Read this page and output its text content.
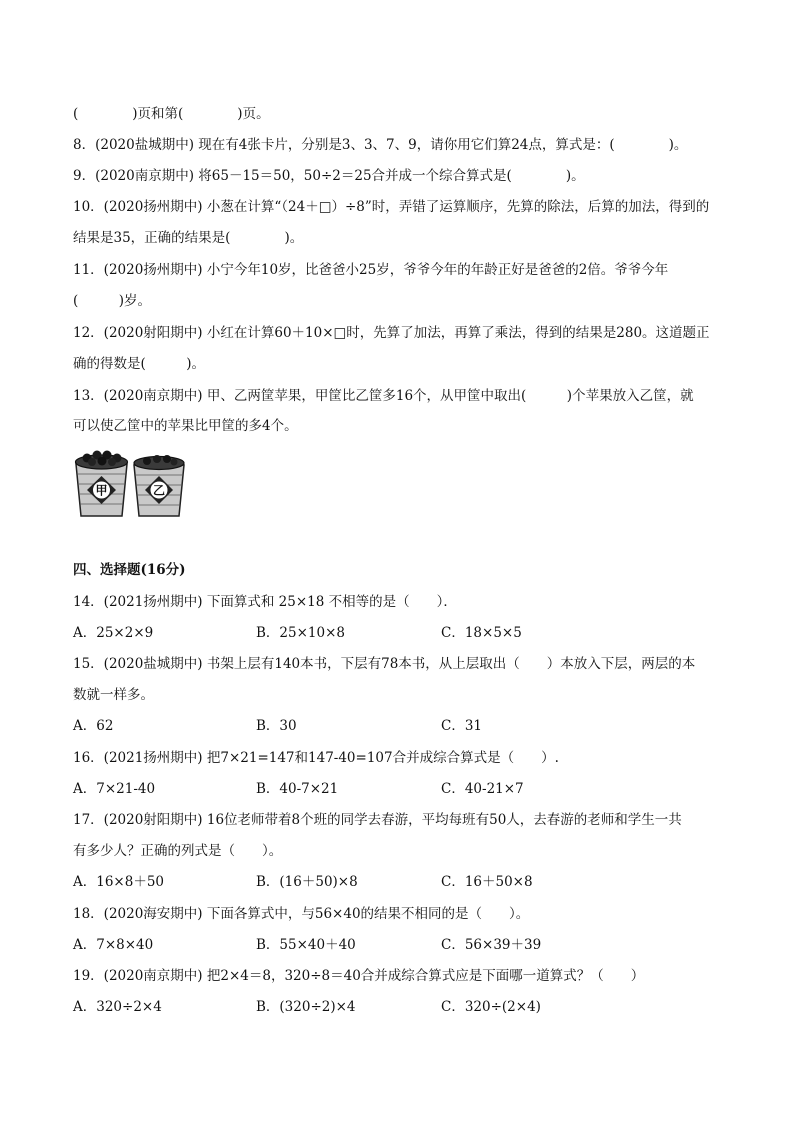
(　　　　)页和第(　　　　)页。
8．(2020盐城期中) 现在有4张卡片，分别是3、3、7、9，请你用它们算24点，算式是：(　　　　)。
9．(2020南京期中) 将65－15＝50，50÷2＝25合并成一个综合算式是(　　　　)。
10．(2020扬州期中) 小葱在计算“（24＋□）÷8”时，弄错了运算顺序，先算的除法，后算的加法，得到的
结果是35，正确的结果是(　　　　)。
11．(2020扬州期中) 小宁今年10岁，比爸爸小25岁，爷爷今年的年龄正好是爸爸的2倍。爷爷今年
(　　　)岁。
12．(2020射阳期中) 小红在计算60＋10×□时，先算了加法，再算了乘法，得到的结果是280。这道题正
确的得数是(　　　)。
13．(2020南京期中) 甲、乙两筐苹果，甲筐比乙筐多16个，从甲筐中取出(　　　)个苹果放入乙筐，就
可以使乙筐中的苹果比甲筐的多4个。
甲	乙
四、选择题(16分)
14．(2021扬州期中) 下面算式和 25×18 不相等的是（　　）．
A．25×2×9	B．25×10×8	C．18×5×5
15．(2020盐城期中) 书架上层有140本书，下层有78本书，从上层取出（　　）本放入下层，两层的本
数就一样多。
A．62	B．30	C．31
16．(2021扬州期中) 把7×21=147和147-40=107合并成综合算式是（　　）.
A．7×21-40	B．40-7×21	C．40-21×7
17．(2020射阳期中) 16位老师带着8个班的同学去春游，平均每班有50人，去春游的老师和学生一共
有多少人？正确的列式是（　　）。
A．16×8＋50	B．(16＋50)×8	C．16＋50×8
18．(2020海安期中) 下面各算式中，与56×40的结果不相同的是（　　）。
A．7×8×40	B．55×40＋40	C．56×39＋39
19．(2020南京期中) 把2×4＝8，320÷8＝40合并成综合算式应是下面哪一道算式？（　　）
A．320÷2×4	B．(320÷2)×4	C．320÷(2×4)
